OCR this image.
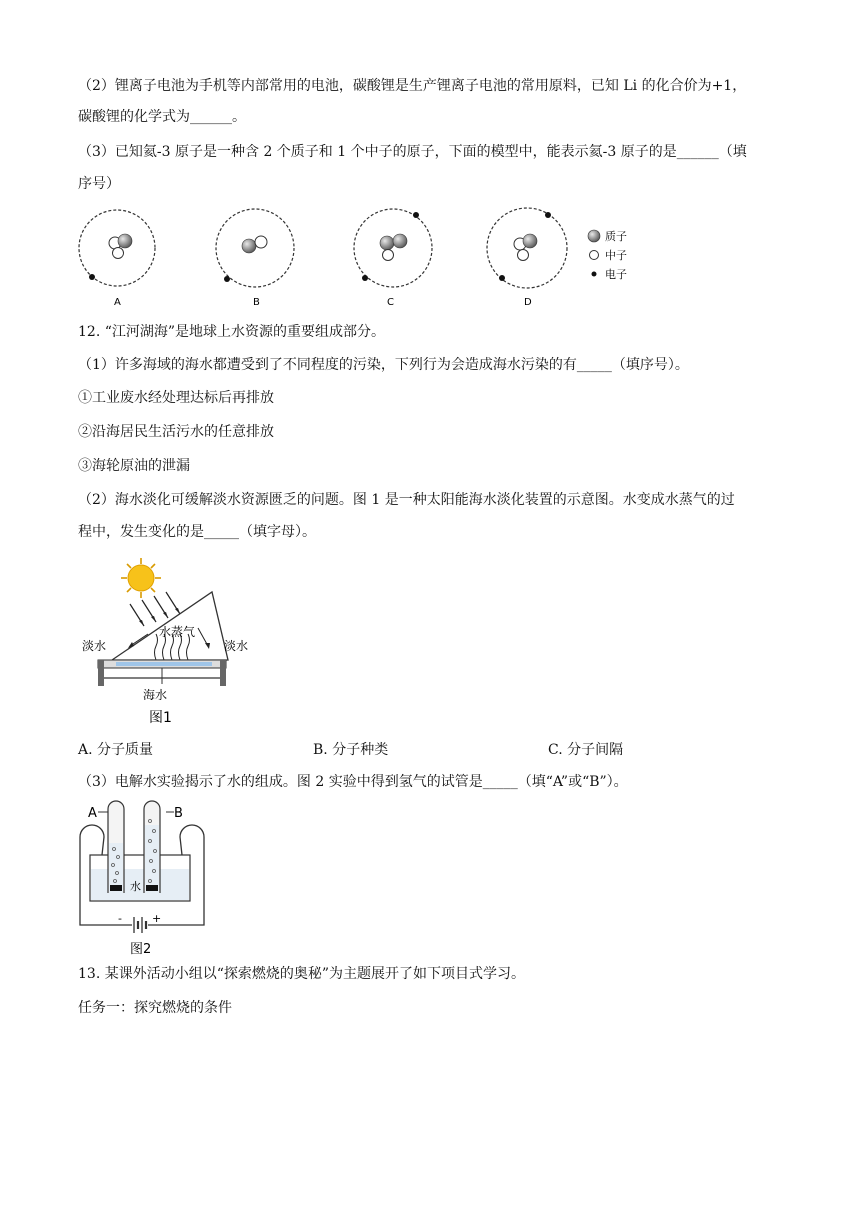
（2）锂离子电池为手机等内部常用的电池，碳酸锂是生产锂离子电池的常用原料，已知 Li 的化合价为+1，
碳酸锂的化学式为______。
（3）已知氦-3 原子是一种含 2 个质子和 1 个中子的原子，下面的模型中，能表示氦-3 原子的是______（填
序号）
A	B	C	D
质子
中子
电子
12. “江河湖海”是地球上水资源的重要组成部分。
（1）许多海域的海水都遭受到了不同程度的污染，下列行为会造成海水污染的有_____（填序号）。
①工业废水经处理达标后再排放
②沿海居民生活污水的任意排放
③海轮原油的泄漏
（2）海水淡化可缓解淡水资源匮乏的问题。图 1 是一种太阳能海水淡化装置的示意图。水变成水蒸气的过
程中，发生变化的是_____（填字母）。
水蒸气
淡水	淡水
海水
图1
A. 分子质量	B. 分子种类	C. 分子间隔
（3）电解水实验揭示了水的组成。图 2 实验中得到氢气的试管是_____（填“A”或“B”）。
A	B
水
-	+
图2
13. 某课外活动小组以“探索燃烧的奥秘”为主题展开了如下项目式学习。
任务一：探究燃烧的条件
